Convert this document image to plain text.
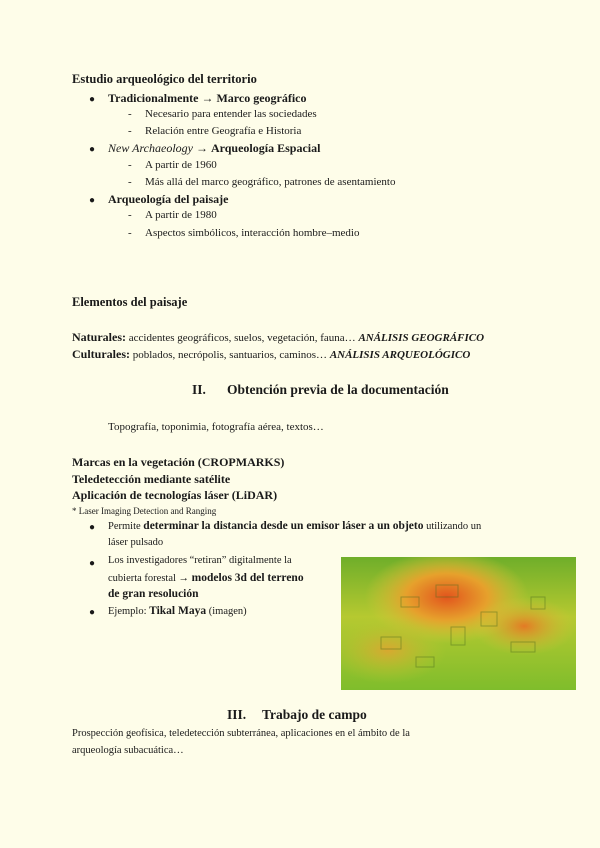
Estudio arqueológico del territorio
● Tradicionalmente → Marco geográfico
- Necesario para entender las sociedades
- Relación entre Geografía e Historia
● New Archaeology → Arqueología Espacial
- A partir de 1960
- Más allá del marco geográfico, patrones de asentamiento
● Arqueología del paisaje
- A partir de 1980
- Aspectos simbólicos, interacción hombre–medio
Elementos del paisaje
Naturales: accidentes geográficos, suelos, vegetación, fauna… ANÁLISIS GEOGRÁFICO
Culturales: poblados, necrópolis, santuarios, caminos… ANÁLISIS ARQUEOLÓGICO
II. Obtención previa de la documentación
Topografía, toponimia, fotografía aérea, textos…
Marcas en la vegetación (CROPMARKS)
Teledetección mediante satélite
Aplicación de tecnologías láser (LiDAR)
* Laser Imaging Detection and Ranging
● Permite determinar la distancia desde un emisor láser a un objeto utilizando un
láser pulsado
● Los investigadores “retiran” digitalmente la
cubierta forestal → modelos 3d del terreno
de gran resolución
● Ejemplo: Tikal Maya (imagen)
III. Trabajo de campo
Prospección geofísica, teledetección subterránea, aplicaciones en el ámbito de la
arqueología subacuática…
